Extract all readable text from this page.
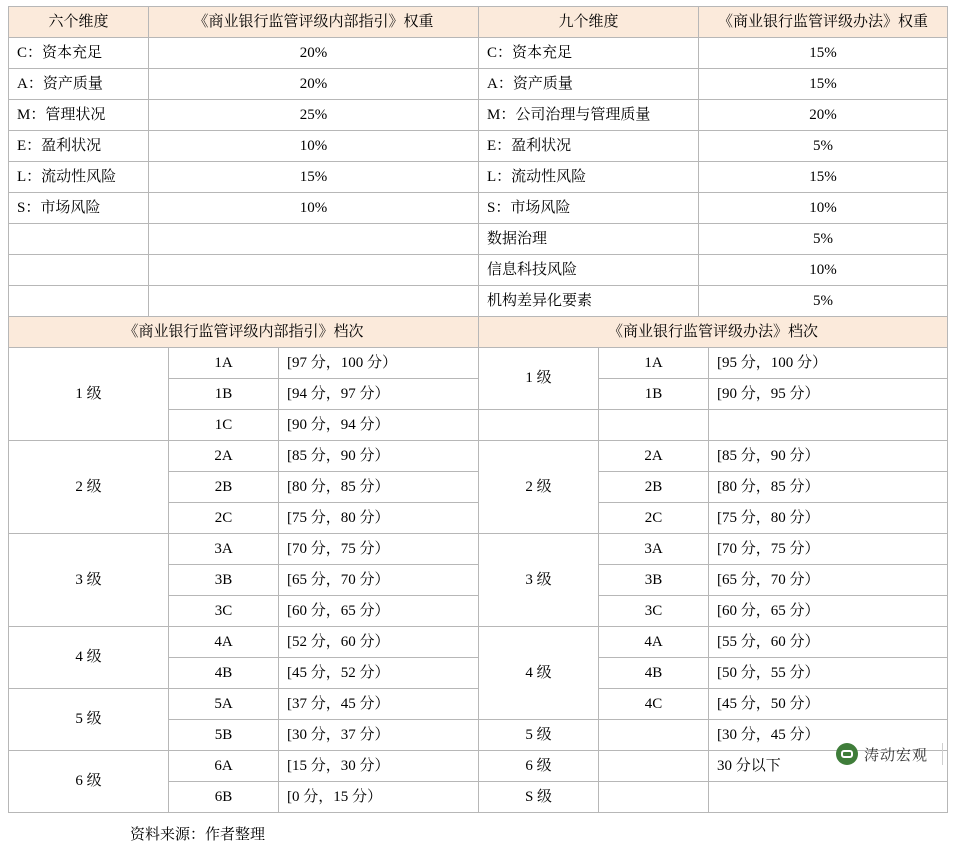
六个维度	《商业银行监管评级内部指引》权重	九个维度	《商业银行监管评级办法》权重
C：资本充足	20%	C：资本充足	15%
A：资产质量	20%	A：资产质量	15%
M：管理状况	25%	M：公司治理与管理质量	20%
E：盈利状况	10%	E：盈利状况	5%
L：流动性风险	15%	L：流动性风险	15%
S：市场风险	10%	S：市场风险	10%
		数据治理	5%
		信息科技风险	10%
		机构差异化要素	5%
《商业银行监管评级内部指引》档次			《商业银行监管评级办法》档次		
1 级	1A	[97 分，100 分）	1 级	1A	[95 分，100 分）
	1B	[94 分，97 分）		1B	[90 分，95 分）
	1C	[90 分，94 分）			
2 级	2A	[85 分，90 分）	2 级	2A	[85 分，90 分）
	2B	[80 分，85 分）		2B	[80 分，85 分）
	2C	[75 分，80 分）		2C	[75 分，80 分）
3 级	3A	[70 分，75 分）	3 级	3A	[70 分，75 分）
	3B	[65 分，70 分）		3B	[65 分，70 分）
	3C	[60 分，65 分）		3C	[60 分，65 分）
4 级	4A	[52 分，60 分）	4 级	4A	[55 分，60 分）
	4B	[45 分，52 分）		4B	[50 分，55 分）
5 级	5A	[37 分，45 分）		4C	[45 分，50 分）
	5B	[30 分，37 分）	5 级		[30 分，45 分）
6 级	6A	[15 分，30 分）	6 级		30 分以下
	6B	[0 分，15 分）	S 级		
资料来源：作者整理
涛动宏观
